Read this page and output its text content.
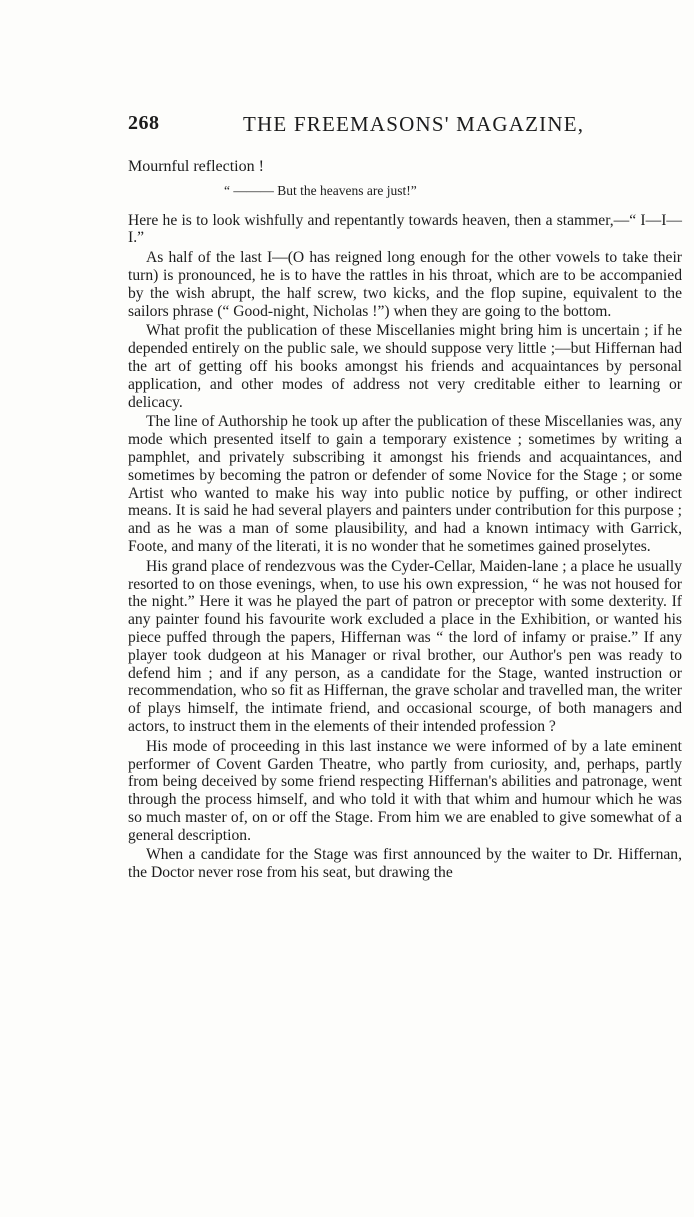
268	THE FREEMASONS' MAGAZINE,

Mournful reflection !

“ ——— But the heavens are just!”

Here he is to look wishfully and repentantly towards heaven, then a stammer,—“ I—I—I.”

As half of the last I—(O has reigned long enough for the other vowels to take their turn) is pronounced, he is to have the rattles in his throat, which are to be accompanied by the wish abrupt, the half screw, two kicks, and the flop supine, equivalent to the sailors phrase (“ Good-night, Nicholas !”) when they are going to the bottom.

What profit the publication of these Miscellanies might bring him is uncertain ; if he depended entirely on the public sale, we should suppose very little ;—but Hiffernan had the art of getting off his books amongst his friends and acquaintances by personal application, and other modes of address not very creditable either to learning or delicacy.

The line of Authorship he took up after the publication of these Miscellanies was, any mode which presented itself to gain a temporary existence ; sometimes by writing a pamphlet, and privately subscribing it amongst his friends and acquaintances, and sometimes by becoming the patron or defender of some Novice for the Stage ; or some Artist who wanted to make his way into public notice by puffing, or other indirect means. It is said he had several players and painters under contribution for this purpose ; and as he was a man of some plausibility, and had a known intimacy with Garrick, Foote, and many of the literati, it is no wonder that he sometimes gained proselytes.

His grand place of rendezvous was the Cyder-Cellar, Maiden-lane ; a place he usually resorted to on those evenings, when, to use his own expression, “ he was not housed for the night.” Here it was he played the part of patron or preceptor with some dexterity. If any painter found his favourite work excluded a place in the Exhibition, or wanted his piece puffed through the papers, Hiffernan was “ the lord of infamy or praise.” If any player took dudgeon at his Manager or rival brother, our Author's pen was ready to defend him ; and if any person, as a candidate for the Stage, wanted instruction or recommendation, who so fit as Hiffernan, the grave scholar and travelled man, the writer of plays himself, the intimate friend, and occasional scourge, of both managers and actors, to instruct them in the elements of their intended profession ?

His mode of proceeding in this last instance we were informed of by a late eminent performer of Covent Garden Theatre, who partly from curiosity, and, perhaps, partly from being deceived by some friend respecting Hiffernan's abilities and patronage, went through the process himself, and who told it with that whim and humour which he was so much master of, on or off the Stage. From him we are enabled to give somewhat of a general description.

When a candidate for the Stage was first announced by the waiter to Dr. Hiffernan, the Doctor never rose from his seat, but drawing the
